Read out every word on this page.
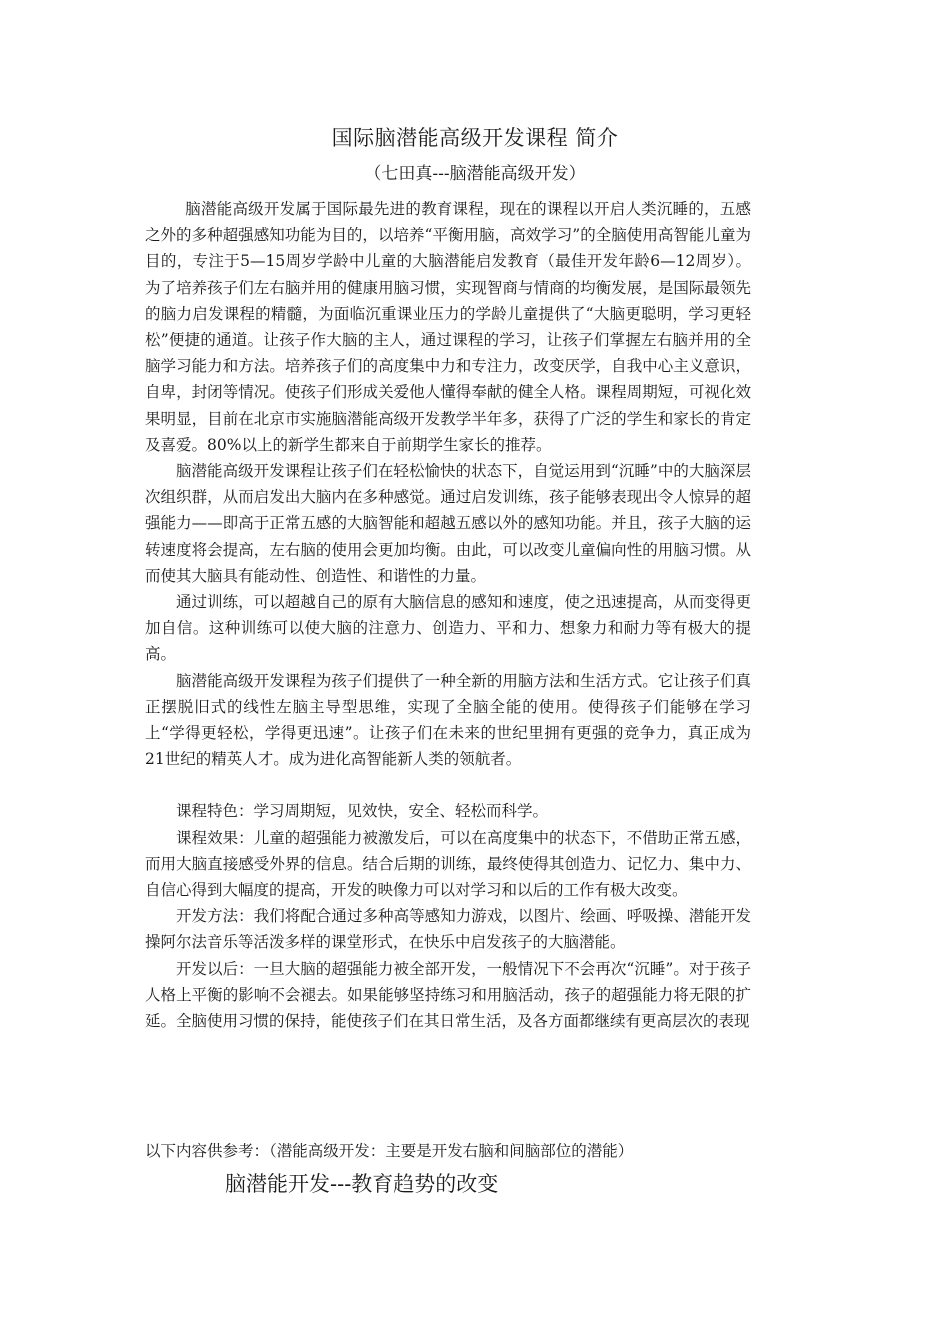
国际脑潜能高级开发课程 简介
（七田真---脑潜能高级开发）

脑潜能高级开发属于国际最先进的教育课程，现在的课程以开启人类沉睡的，五感之外的多种超强感知功能为目的，以培养“平衡用脑，高效学习”的全脑使用高智能儿童为目的，专注于5—15周岁学龄中儿童的大脑潜能启发教育（最佳开发年龄6—12周岁）。为了培养孩子们左右脑并用的健康用脑习惯，实现智商与情商的均衡发展，是国际最领先的脑力启发课程的精髓，为面临沉重课业压力的学龄儿童提供了“大脑更聪明，学习更轻松”便捷的通道。让孩子作大脑的主人，通过课程的学习，让孩子们掌握左右脑并用的全脑学习能力和方法。培养孩子们的高度集中力和专注力，改变厌学，自我中心主义意识，自卑，封闭等情况。使孩子们形成关爱他人懂得奉献的健全人格。课程周期短，可视化效果明显，目前在北京市实施脑潜能高级开发教学半年多，获得了广泛的学生和家长的肯定及喜爱。80%以上的新学生都来自于前期学生家长的推荐。

脑潜能高级开发课程让孩子们在轻松愉快的状态下，自觉运用到“沉睡”中的大脑深层次组织群，从而启发出大脑内在多种感觉。通过启发训练，孩子能够表现出令人惊异的超强能力——即高于正常五感的大脑智能和超越五感以外的感知功能。并且，孩子大脑的运转速度将会提高，左右脑的使用会更加均衡。由此，可以改变儿童偏向性的用脑习惯。从而使其大脑具有能动性、创造性、和谐性的力量。

通过训练，可以超越自己的原有大脑信息的感知和速度，使之迅速提高，从而变得更加自信。这种训练可以使大脑的注意力、创造力、平和力、想象力和耐力等有极大的提高。

脑潜能高级开发课程为孩子们提供了一种全新的用脑方法和生活方式。它让孩子们真正摆脱旧式的线性左脑主导型思维，实现了全脑全能的使用。使得孩子们能够在学习上“学得更轻松，学得更迅速”。让孩子们在未来的世纪里拥有更强的竞争力，真正成为21世纪的精英人才。成为进化高智能新人类的领航者。

课程特色：学习周期短，见效快，安全、轻松而科学。

课程效果：儿童的超强能力被激发后，可以在高度集中的状态下，不借助正常五感，而用大脑直接感受外界的信息。结合后期的训练，最终使得其创造力、记忆力、集中力、自信心得到大幅度的提高，开发的映像力可以对学习和以后的工作有极大改变。

开发方法：我们将配合通过多种高等感知力游戏，以图片、绘画、呼吸操、潜能开发操阿尔法音乐等活泼多样的课堂形式，在快乐中启发孩子的大脑潜能。

开发以后：一旦大脑的超强能力被全部开发，一般情况下不会再次“沉睡”。对于孩子人格上平衡的影响不会褪去。如果能够坚持练习和用脑活动，孩子的超强能力将无限的扩延。全脑使用习惯的保持，能使孩子们在其日常生活，及各方面都继续有更高层次的表现

以下内容供参考：（潜能高级开发：主要是开发右脑和间脑部位的潜能）
脑潜能开发---教育趋势的改变
